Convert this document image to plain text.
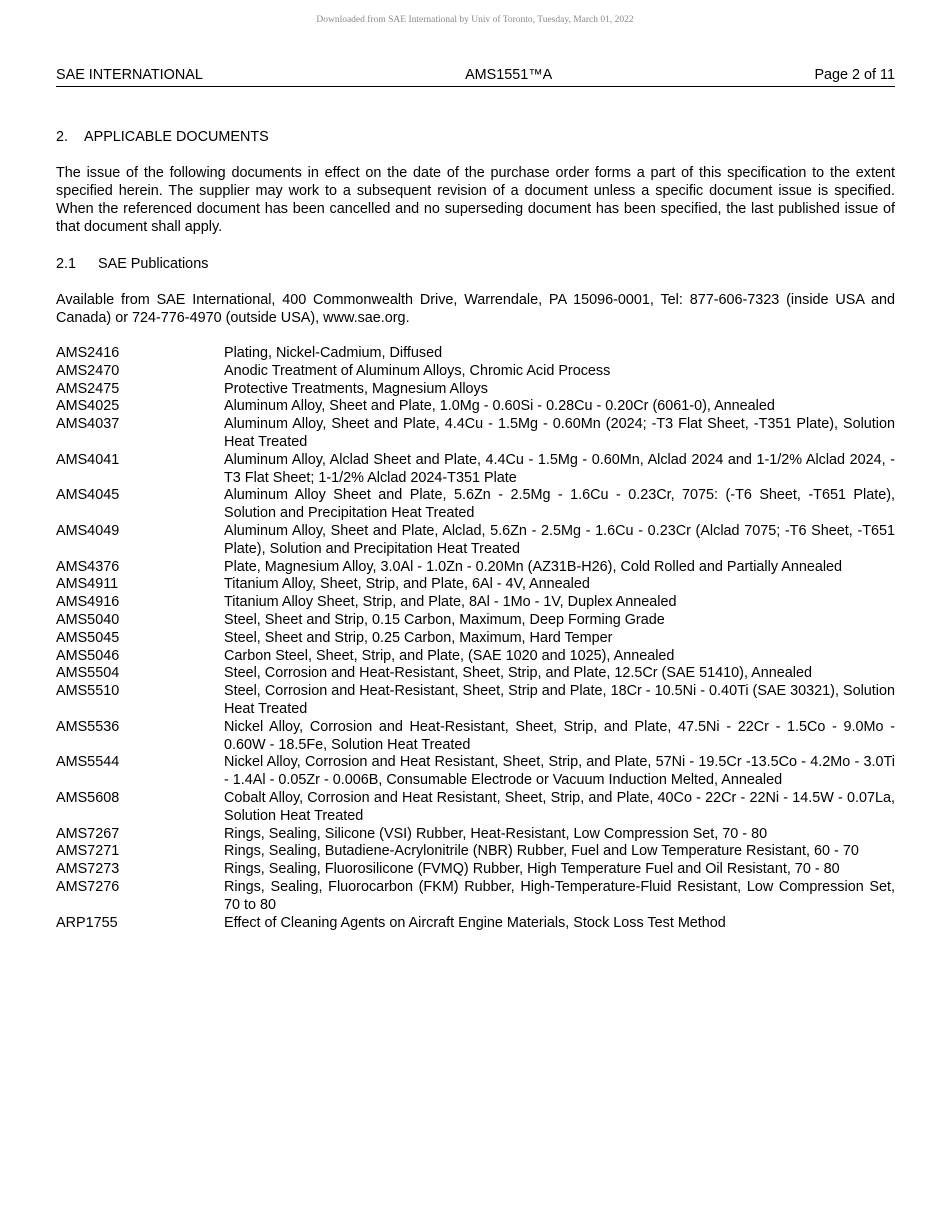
Downloaded from SAE International by Univ of Toronto, Tuesday, March 01, 2022
SAE INTERNATIONAL	AMS1551™A	Page 2 of 11
2. APPLICABLE DOCUMENTS

The issue of the following documents in effect on the date of the purchase order forms a part of this specification to the extent specified herein. The supplier may work to a subsequent revision of a document unless a specific document issue is specified. When the referenced document has been cancelled and no superseding document has been specified, the last published issue of that document shall apply.

2.1 SAE Publications

Available from SAE International, 400 Commonwealth Drive, Warrendale, PA 15096-0001, Tel: 877-606-7323 (inside USA and Canada) or 724-776-4970 (outside USA), www.sae.org.

AMS2416	Plating, Nickel-Cadmium, Diffused
AMS2470	Anodic Treatment of Aluminum Alloys, Chromic Acid Process
AMS2475	Protective Treatments, Magnesium Alloys
AMS4025	Aluminum Alloy, Sheet and Plate, 1.0Mg - 0.60Si - 0.28Cu - 0.20Cr (6061-0), Annealed
AMS4037	Aluminum Alloy, Sheet and Plate, 4.4Cu - 1.5Mg - 0.60Mn (2024; -T3 Flat Sheet, -T351 Plate), Solution Heat Treated
AMS4041	Aluminum Alloy, Alclad Sheet and Plate, 4.4Cu - 1.5Mg - 0.60Mn, Alclad 2024 and 1-1/2% Alclad 2024, -T3 Flat Sheet; 1-1/2% Alclad 2024-T351 Plate
AMS4045	Aluminum Alloy Sheet and Plate, 5.6Zn - 2.5Mg - 1.6Cu - 0.23Cr, 7075: (-T6 Sheet, -T651 Plate), Solution and Precipitation Heat Treated
AMS4049	Aluminum Alloy, Sheet and Plate, Alclad, 5.6Zn - 2.5Mg - 1.6Cu - 0.23Cr (Alclad 7075; -T6 Sheet, -T651 Plate), Solution and Precipitation Heat Treated
AMS4376	Plate, Magnesium Alloy, 3.0Al - 1.0Zn - 0.20Mn (AZ31B-H26), Cold Rolled and Partially Annealed
AMS4911	Titanium Alloy, Sheet, Strip, and Plate, 6Al - 4V, Annealed
AMS4916	Titanium Alloy Sheet, Strip, and Plate, 8Al - 1Mo - 1V, Duplex Annealed
AMS5040	Steel, Sheet and Strip, 0.15 Carbon, Maximum, Deep Forming Grade
AMS5045	Steel, Sheet and Strip, 0.25 Carbon, Maximum, Hard Temper
AMS5046	Carbon Steel, Sheet, Strip, and Plate, (SAE 1020 and 1025), Annealed
AMS5504	Steel, Corrosion and Heat-Resistant, Sheet, Strip, and Plate, 12.5Cr (SAE 51410), Annealed
AMS5510	Steel, Corrosion and Heat-Resistant, Sheet, Strip and Plate, 18Cr - 10.5Ni - 0.40Ti (SAE 30321), Solution Heat Treated
AMS5536	Nickel Alloy, Corrosion and Heat-Resistant, Sheet, Strip, and Plate, 47.5Ni - 22Cr - 1.5Co - 9.0Mo - 0.60W - 18.5Fe, Solution Heat Treated
AMS5544	Nickel Alloy, Corrosion and Heat Resistant, Sheet, Strip, and Plate, 57Ni - 19.5Cr -13.5Co - 4.2Mo - 3.0Ti - 1.4Al - 0.05Zr - 0.006B, Consumable Electrode or Vacuum Induction Melted, Annealed
AMS5608	Cobalt Alloy, Corrosion and Heat Resistant, Sheet, Strip, and Plate, 40Co - 22Cr - 22Ni - 14.5W - 0.07La, Solution Heat Treated
AMS7267	Rings, Sealing, Silicone (VSI) Rubber, Heat-Resistant, Low Compression Set, 70 - 80
AMS7271	Rings, Sealing, Butadiene-Acrylonitrile (NBR) Rubber, Fuel and Low Temperature Resistant, 60 - 70
AMS7273	Rings, Sealing, Fluorosilicone (FVMQ) Rubber, High Temperature Fuel and Oil Resistant, 70 - 80
AMS7276	Rings, Sealing, Fluorocarbon (FKM) Rubber, High-Temperature-Fluid Resistant, Low Compression Set, 70 to 80
ARP1755	Effect of Cleaning Agents on Aircraft Engine Materials, Stock Loss Test Method
